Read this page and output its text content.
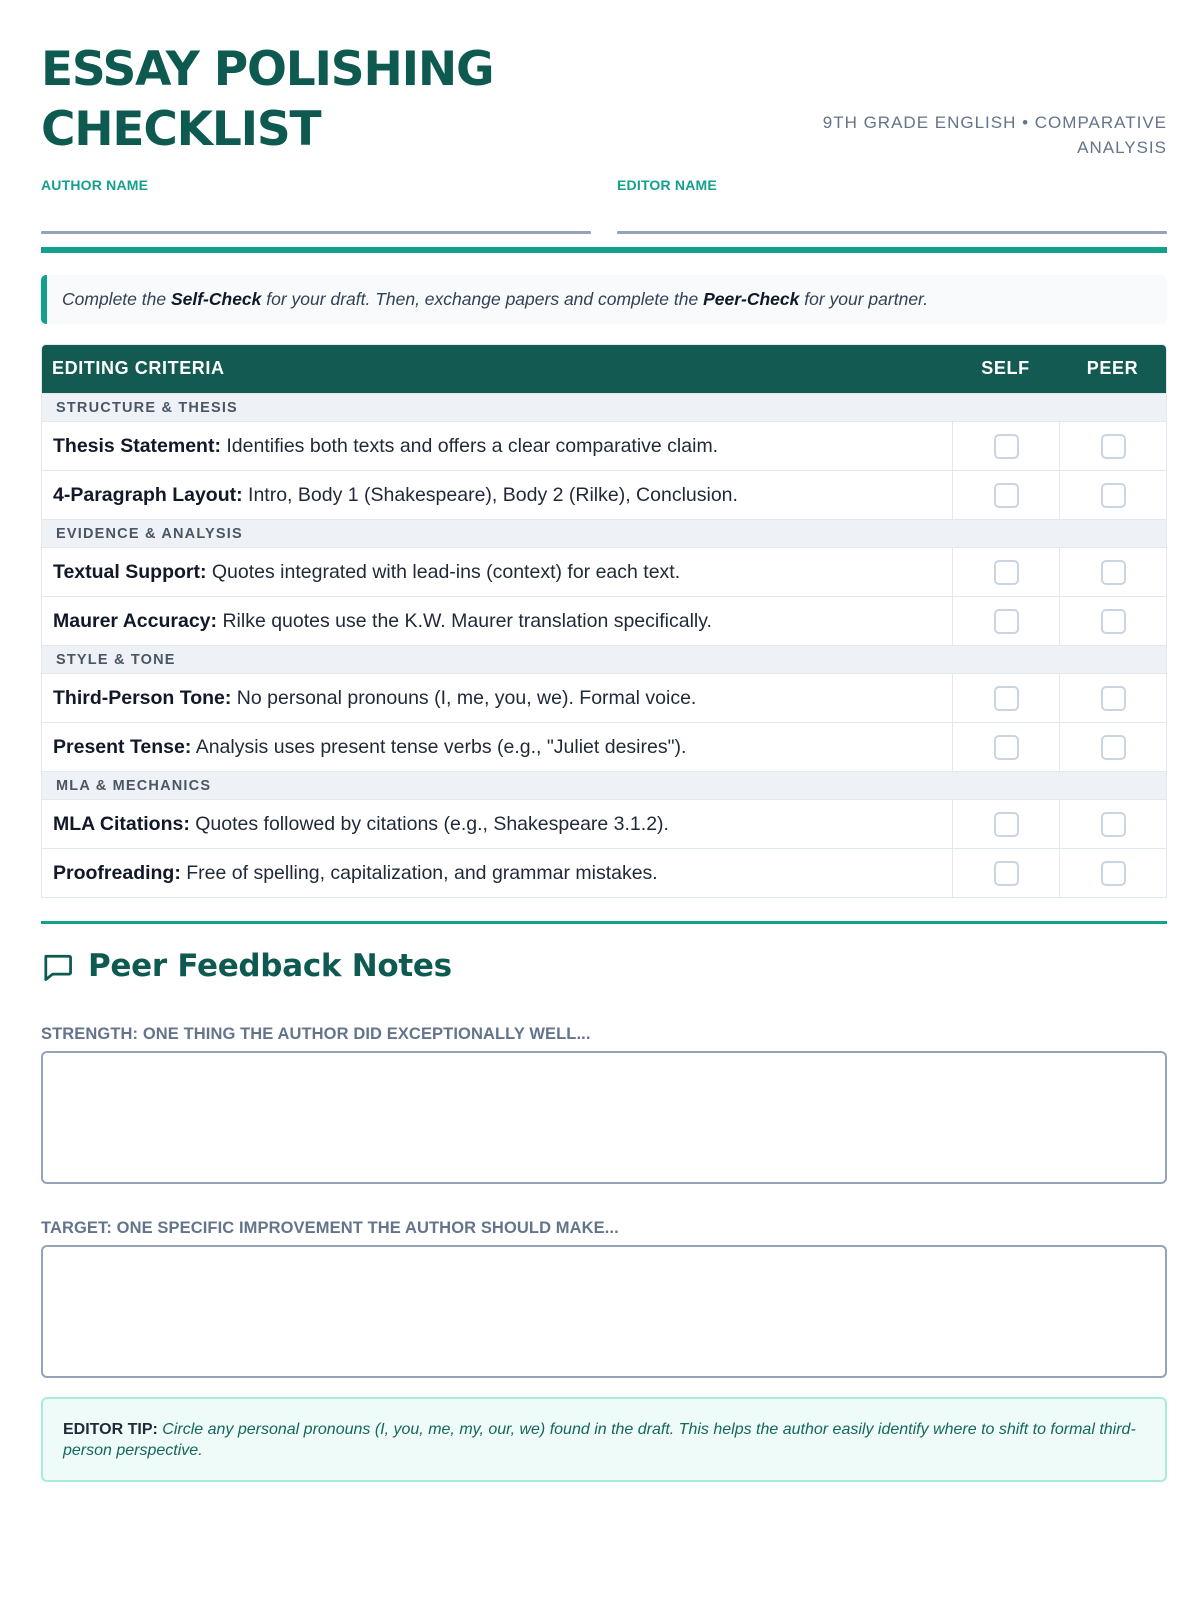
ESSAY POLISHING
CHECKLIST	9TH GRADE ENGLISH • COMPARATIVE
ANALYSIS
AUTHOR NAME	EDITOR NAME
Complete the Self-Check for your draft. Then, exchange papers and complete the Peer-Check for your partner.
EDITING CRITERIA	SELF	PEER
STRUCTURE & THESIS
Thesis Statement: Identifies both texts and offers a clear comparative claim.
4-Paragraph Layout: Intro, Body 1 (Shakespeare), Body 2 (Rilke), Conclusion.
EVIDENCE & ANALYSIS
Textual Support: Quotes integrated with lead-ins (context) for each text.
Maurer Accuracy: Rilke quotes use the K.W. Maurer translation specifically.
STYLE & TONE
Third-Person Tone: No personal pronouns (I, me, you, we). Formal voice.
Present Tense: Analysis uses present tense verbs (e.g., "Juliet desires").
MLA & MECHANICS
MLA Citations: Quotes followed by citations (e.g., Shakespeare 3.1.2).
Proofreading: Free of spelling, capitalization, and grammar mistakes.
Peer Feedback Notes
STRENGTH: ONE THING THE AUTHOR DID EXCEPTIONALLY WELL...
TARGET: ONE SPECIFIC IMPROVEMENT THE AUTHOR SHOULD MAKE...
EDITOR TIP: Circle any personal pronouns (I, you, me, my, our, we) found in the draft. This helps the author easily identify where to shift to formal third-person perspective.
